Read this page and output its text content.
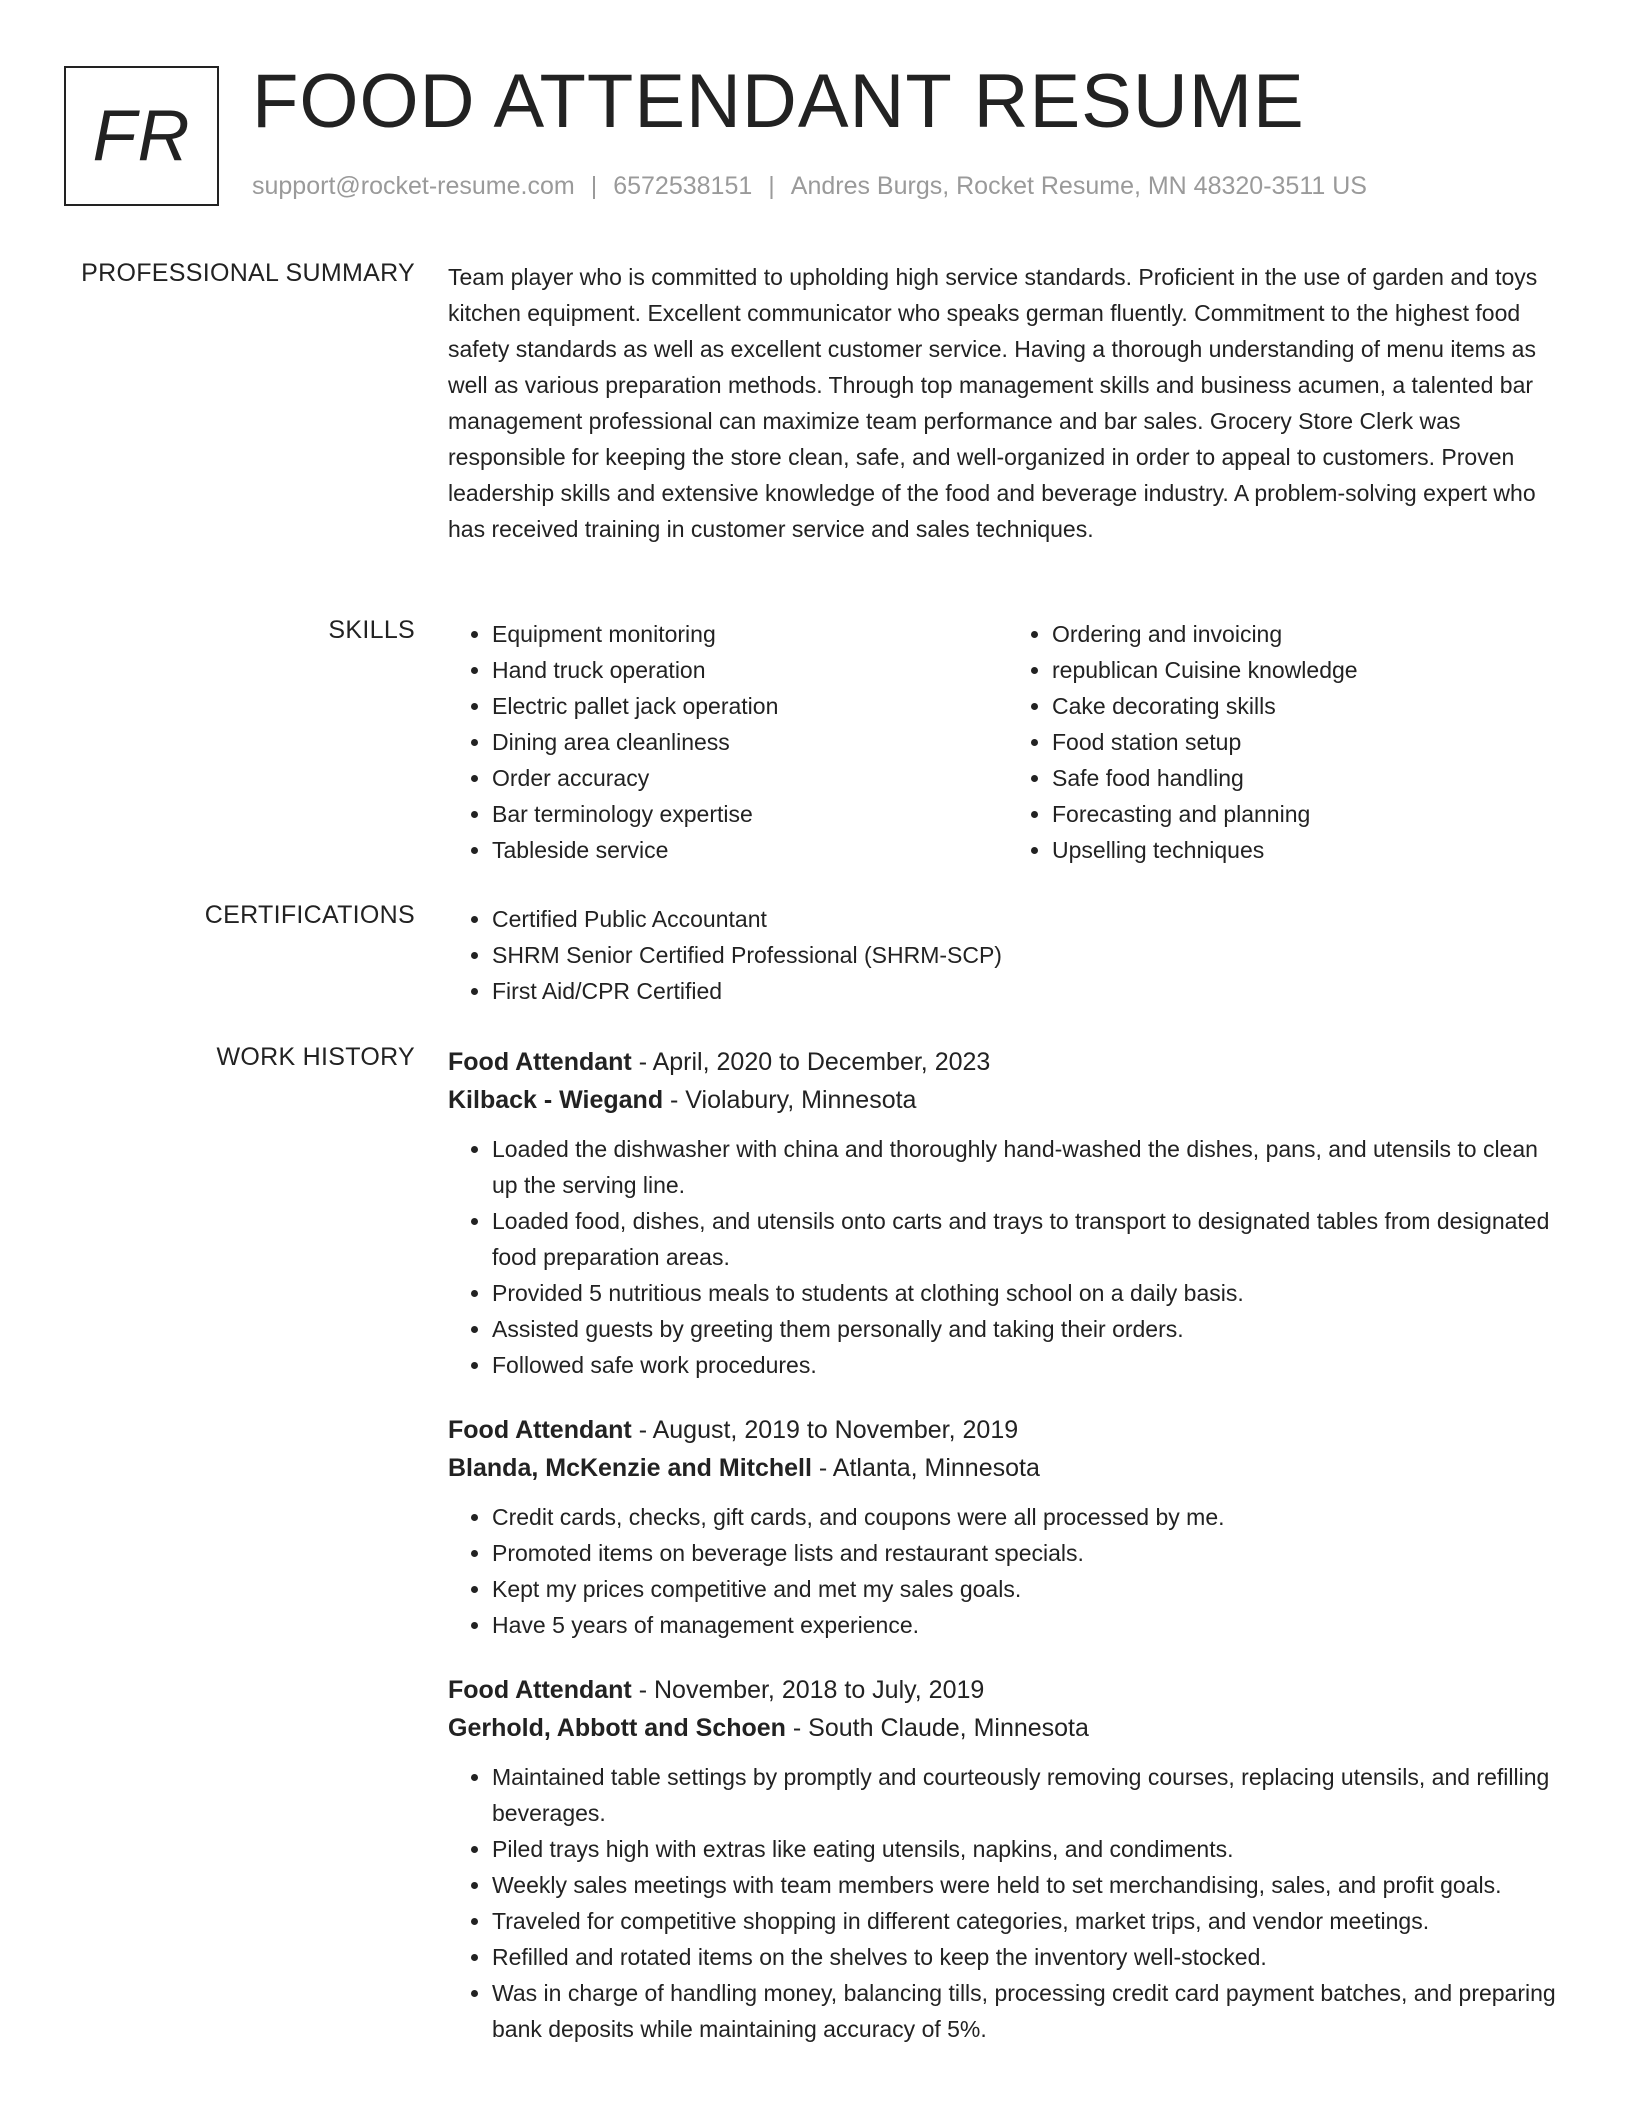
FR FOOD ATTENDANT RESUME
support@rocket-resume.com | 6572538151 | Andres Burgs, Rocket Resume, MN 48320-3511 US
PROFESSIONAL SUMMARY Team player who is committed to upholding high service standards. Proficient in the use of garden and toys kitchen equipment. Excellent communicator who speaks german fluently. Commitment to the highest food safety standards as well as excellent customer service. Having a thorough understanding of menu items as well as various preparation methods. Through top management skills and business acumen, a talented bar management professional can maximize team performance and bar sales. Grocery Store Clerk was responsible for keeping the store clean, safe, and well-organized in order to appeal to customers. Proven leadership skills and extensive knowledge of the food and beverage industry. A problem-solving expert who has received training in customer service and sales techniques.

SKILLS	• Equipment monitoring
• Hand truck operation
• Electric pallet jack operation
• Dining area cleanliness
• Order accuracy
• Bar terminology expertise
• Tableside service
• Ordering and invoicing
• republican Cuisine knowledge
• Cake decorating skills
• Food station setup
• Safe food handling
• Forecasting and planning
• Upselling techniques
CERTIFICATIONS	• Certified Public Accountant
• SHRM Senior Certified Professional (SHRM-SCP)
• First Aid/CPR Certified
WORK HISTORY Food Attendant - April, 2020 to December, 2023
Kilback - Wiegand - Violabury, Minnesota
• Loaded the dishwasher with china and thoroughly hand-washed the dishes, pans, and utensils to clean up the serving line.
• Loaded food, dishes, and utensils onto carts and trays to transport to designated tables from designated food preparation areas.
• Provided 5 nutritious meals to students at clothing school on a daily basis.
• Assisted guests by greeting them personally and taking their orders.
• Followed safe work procedures.
Food Attendant - August, 2019 to November, 2019
Blanda, McKenzie and Mitchell - Atlanta, Minnesota
• Credit cards, checks, gift cards, and coupons were all processed by me.
• Promoted items on beverage lists and restaurant specials.
• Kept my prices competitive and met my sales goals.
• Have 5 years of management experience.
Food Attendant - November, 2018 to July, 2019
Gerhold, Abbott and Schoen - South Claude, Minnesota
• Maintained table settings by promptly and courteously removing courses, replacing utensils, and refilling beverages.
• Piled trays high with extras like eating utensils, napkins, and condiments.
• Weekly sales meetings with team members were held to set merchandising, sales, and profit goals.
• Traveled for competitive shopping in different categories, market trips, and vendor meetings.
• Refilled and rotated items on the shelves to keep the inventory well-stocked.
• Was in charge of handling money, balancing tills, processing credit card payment batches, and preparing bank deposits while maintaining accuracy of 5%.
